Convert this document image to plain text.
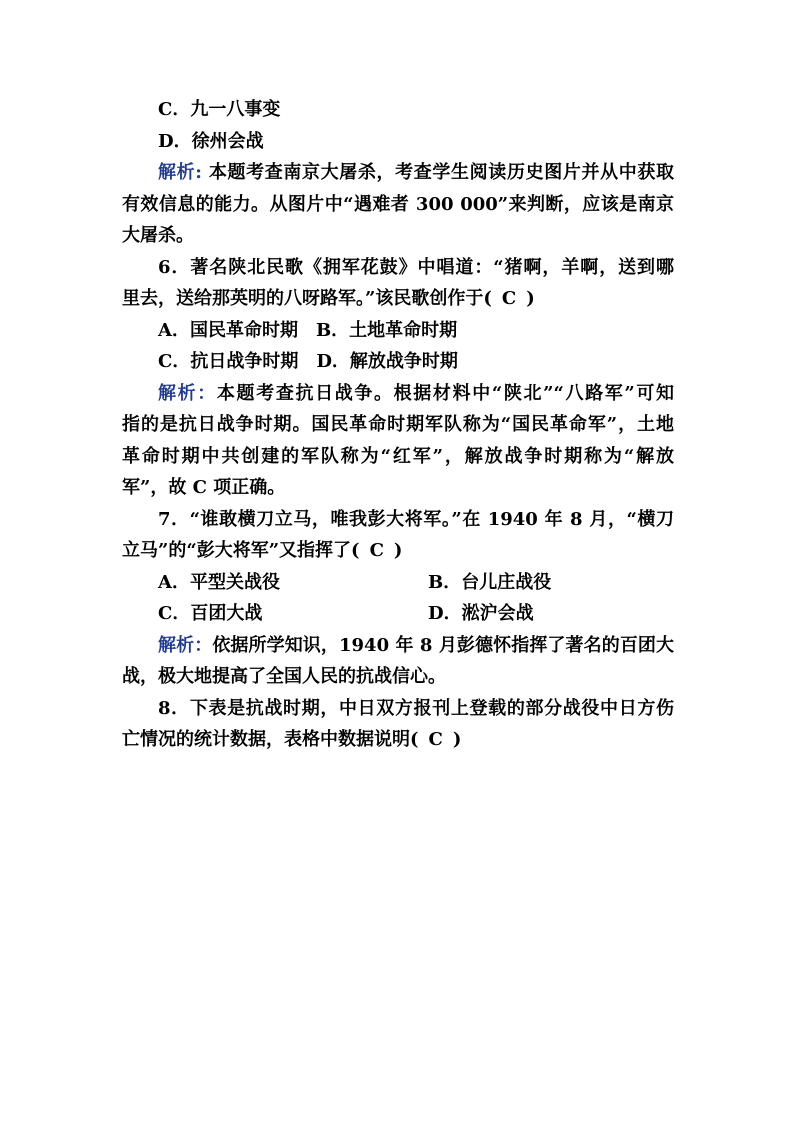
C．九一八事变
D．徐州会战
解析: 本题考查南京大屠杀，考查学生阅读历史图片并从中获取
有效信息的能力。从图片中“遇难者 300 000”来判断，应该是南京
大屠杀。
6．著名陕北民歌《拥军花鼓》中唱道：“猪啊，羊啊，送到哪
里去，送给那英明的八呀路军。”该民歌创作于( C )
A．国民革命时期　B．土地革命时期
C．抗日战争时期　D．解放战争时期
解析：本题考查抗日战争。根据材料中“陕北”“八路军”可知
指的是抗日战争时期。国民革命时期军队称为“国民革命军”，土地
革命时期中共创建的军队称为“红军”，解放战争时期称为“解放
军”，故 C 项正确。
7．“谁敢横刀立马，唯我彭大将军。”在 1940 年 8 月，“横刀
立马”的“彭大将军”又指挥了( C )
A．平型关战役	B．台儿庄战役
C．百团大战	D．淞沪会战
解析：依据所学知识，1940 年 8 月彭德怀指挥了著名的百团大
战，极大地提高了全国人民的抗战信心。
8．下表是抗战时期，中日双方报刊上登载的部分战役中日方伤
亡情况的统计数据，表格中数据说明( C )
